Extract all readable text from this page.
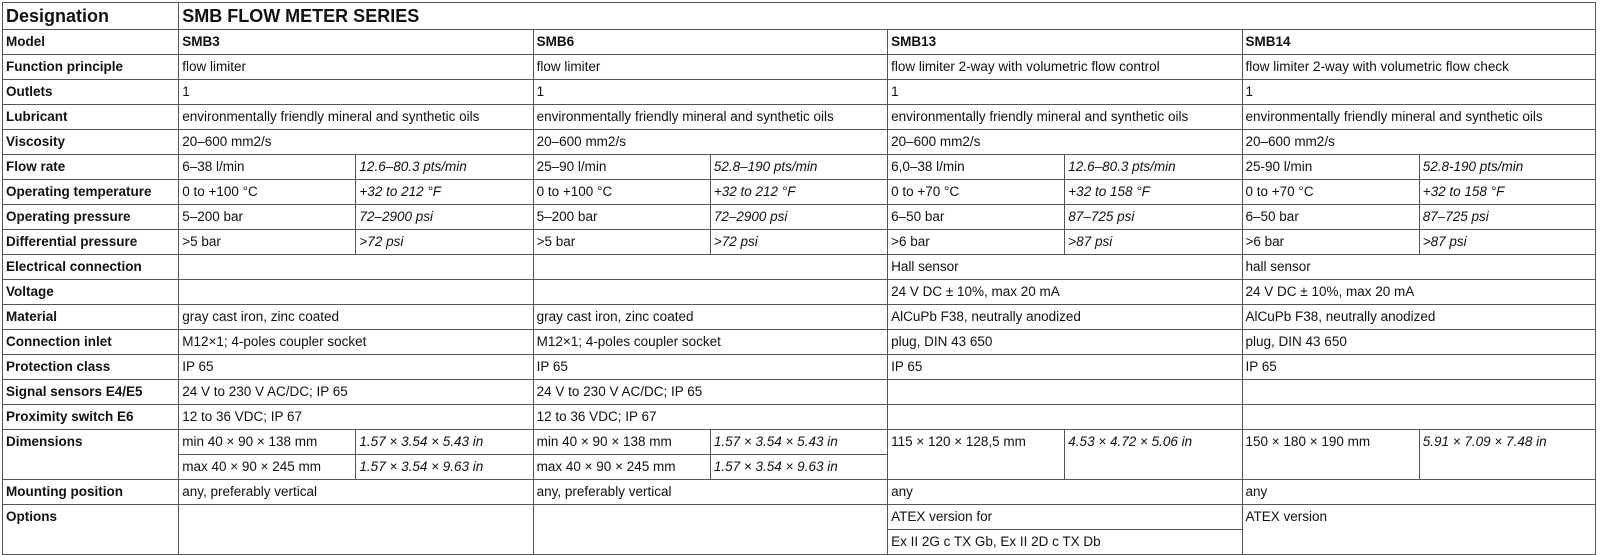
Designation	SMB FLOW METER SERIES							
Model	SMB3		SMB6		SMB13		SMB14	
Function principle	flow limiter		flow limiter		flow limiter 2-way with volumetric flow control		flow limiter 2-way with volumetric flow check	
Outlets	1		1		1		1	
Lubricant	environmentally friendly mineral and synthetic oils		environmentally friendly mineral and synthetic oils		environmentally friendly mineral and synthetic oils		environmentally friendly mineral and synthetic oils	
Viscosity	20–600 mm2/s		20–600 mm2/s		20–600 mm2/s		20–600 mm2/s	
Flow rate	6–38 l/min	12.6–80.3 pts/min	25–90 l/min	52.8–190 pts/min	6,0–38 l/min	12.6–80.3 pts/min	25-90 l/min	52.8-190 pts/min
Operating temperature	0 to +100 °C	+32 to 212 °F	0 to +100 °C	+32 to 212 °F	0 to +70 °C	+32 to 158 °F	0 to +70 °C	+32 to 158 °F
Operating pressure	5–200 bar	72–2900 psi	5–200 bar	72–2900 psi	6–50 bar	87–725 psi	6–50 bar	87–725 psi
Differential pressure	>5 bar	>72 psi	>5 bar	>72 psi	>6 bar	>87 psi	>6 bar	>87 psi
Electrical connection					Hall sensor		hall sensor	
Voltage					24 V DC ± 10%, max 20 mA		24 V DC ± 10%, max 20 mA	
Material	gray cast iron, zinc coated		gray cast iron, zinc coated		AlCuPb F38, neutrally anodized		AlCuPb F38, neutrally anodized	
Connection inlet	M12×1; 4-poles coupler socket		M12×1; 4-poles coupler socket		plug, DIN 43 650		plug, DIN 43 650	
Protection class	IP 65		IP 65		IP 65		IP 65	
Signal sensors E4/E5	24 V to 230 V AC/DC; IP 65		24 V to 230 V AC/DC; IP 65					
Proximity switch E6	12 to 36 VDC; IP 67		12 to 36 VDC; IP 67					
Dimensions	min 40 × 90 × 138 mm	1.57 × 3.54 × 5.43 in	min 40 × 90 × 138 mm	1.57 × 3.54 × 5.43 in	115 × 120 × 128,5 mm	4.53 × 4.72 × 5.06 in	150 × 180 × 190 mm	5.91 × 7.09 × 7.48 in
	max 40 × 90 × 245 mm	1.57 × 3.54 × 9.63 in	max 40 × 90 × 245 mm	1.57 × 3.54 × 9.63 in				
Mounting position	any, preferably vertical		any, preferably vertical		any		any	
Options					ATEX version for		ATEX version	
					Ex II 2G c TX Gb, Ex II 2D c TX Db			
